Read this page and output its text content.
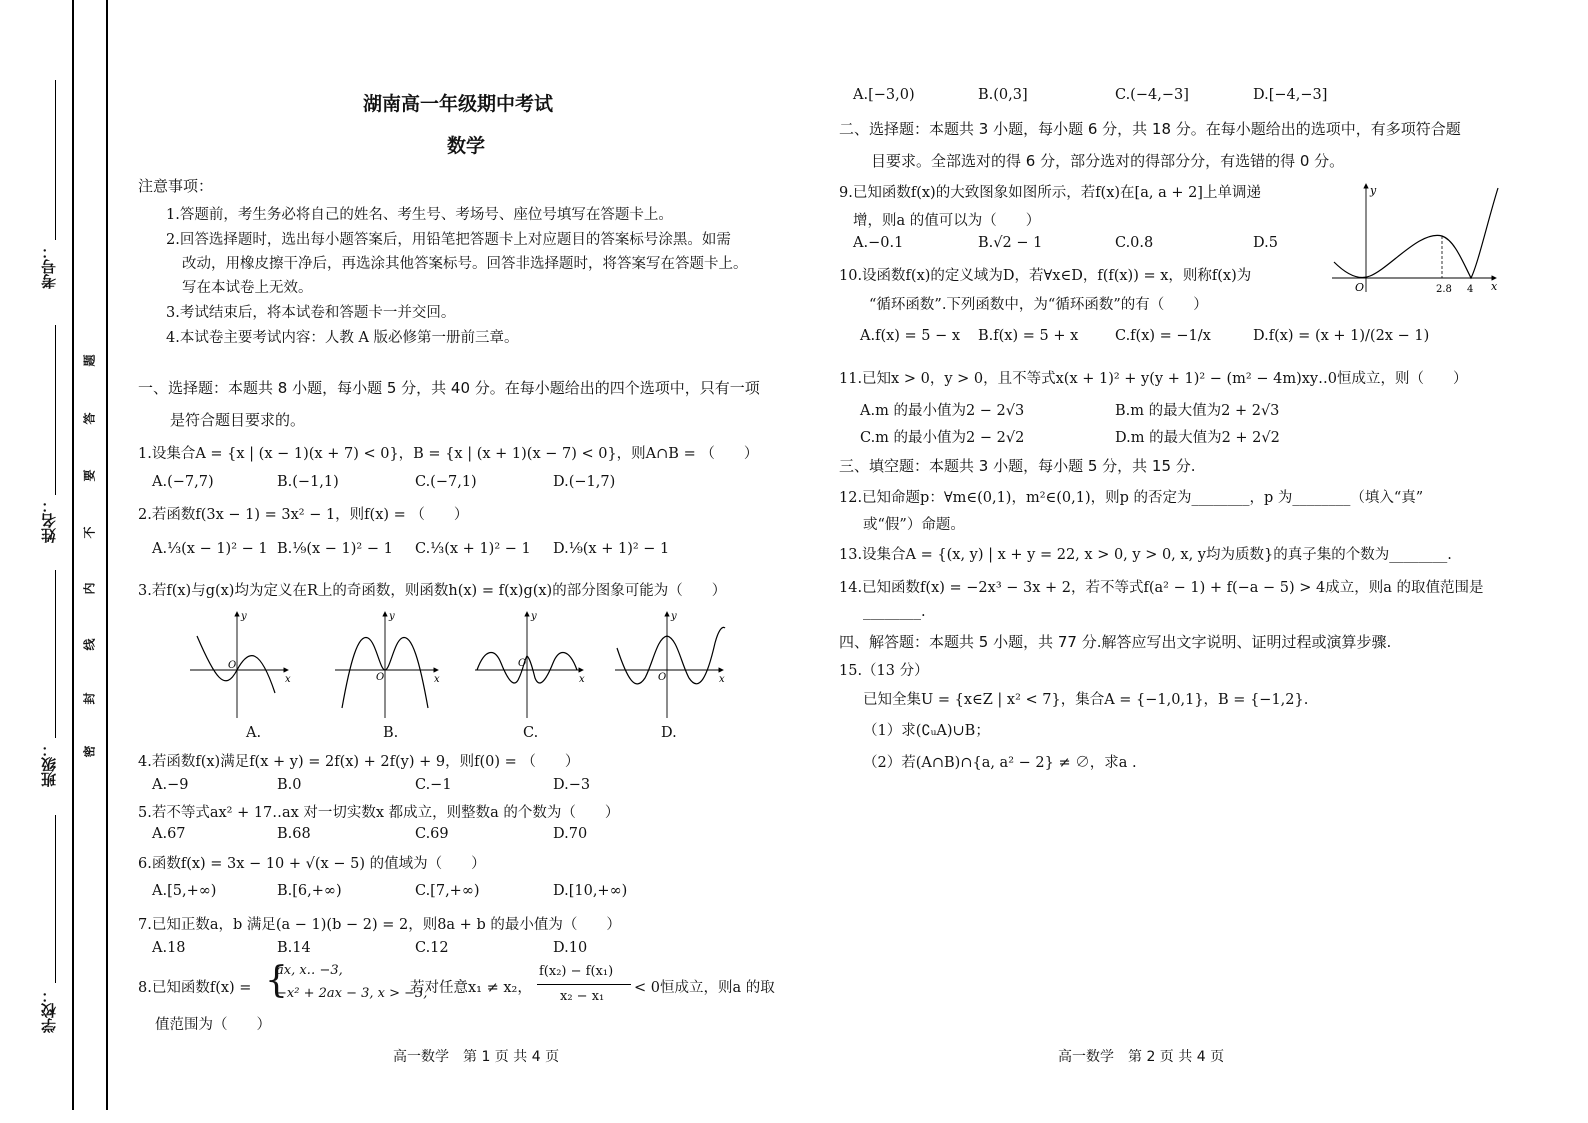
考号：
姓名：
班级：
学校：
题
答
要
不
内
线
封
密
湖南高一年级期中考试
数学
注意事项：
1.答题前，考生务必将自己的姓名、考生号、考场号、座位号填写在答题卡上。
2.回答选择题时，选出每小题答案后，用铅笔把答题卡上对应题目的答案标号涂黑。如需
改动，用橡皮擦干净后，再选涂其他答案标号。回答非选择题时，将答案写在答题卡上。
写在本试卷上无效。
3.考试结束后，将本试卷和答题卡一并交回。
4.本试卷主要考试内容：人教 A 版必修第一册前三章。
一、选择题：本题共 8 小题，每小题 5 分，共 40 分。在每小题给出的四个选项中，只有一项
是符合题目要求的。
1.设集合A = {x | (x − 1)(x + 7) < 0}，B = {x | (x + 1)(x − 7) < 0}，则A∩B = （　　）
A.(−7,7)	B.(−1,1)	C.(−7,1)	D.(−1,7)
2.若函数f(3x − 1) = 3x² − 1，则f(x) = （　　）
A.⅓(x − 1)² − 1 B.⅑(x − 1)² − 1 C.⅓(x + 1)² − 1 D.⅑(x + 1)² − 1
3.若f(x)与g(x)均为定义在R上的奇函数，则函数h(x) = f(x)g(x)的部分图象可能为（　　）
y
x
O
y
x
O
y
x
O
y
x
O
A.	B.	C.	D.
4.若函数f(x)满足f(x + y) = 2f(x) + 2f(y) + 9，则f(0) = （　　）
A.−9	B.0	C.−1	D.−3
5.若不等式ax² + 17‥ax 对一切实数x 都成立，则整数a 的个数为（　　）
A.67	B.68	C.69	D.70
6.函数f(x) = 3x − 10 + √(x − 5) 的值域为（　　）
A.[5,+∞)	B.[6,+∞)	C.[7,+∞)	D.[10,+∞)
7.已知正数a，b 满足(a − 1)(b − 2) = 2，则8a + b 的最小值为（　　）
A.18	B.14	C.12	D.10
8.已知函数f(x) = {
ax, x‥ −3,
−x² + 2ax − 3, x > −3,
若对任意x₁ ≠ x₂，
f(x₂) − f(x₁)
x₂ − x₁
< 0恒成立，则a 的取
值范围为（　　）
高一数学　第 1 页 共 4 页
A.[−3,0)	B.(0,3]	C.(−4,−3]	D.[−4,−3]
二、选择题：本题共 3 小题，每小题 6 分，共 18 分。在每小题给出的选项中，有多项符合题
目要求。全部选对的得 6 分，部分选对的得部分分，有选错的得 0 分。
9.已知函数f(x)的大致图象如图所示，若f(x)在[a, a + 2]上单调递
增，则a 的值可以为（　　）
A.−0.1	B.√2 − 1	C.0.8	D.5
y
x
O	2.8 4
10.设函数f(x)的定义域为D，若∀x∈D，f(f(x)) = x，则称f(x)为
“循环函数”.下列函数中，为“循环函数”的有（　　）
A.f(x) = 5 − x B.f(x) = 5 + x	C.f(x) = −1/x	D.f(x) = (x + 1)/(2x − 1)
11.已知x > 0，y > 0，且不等式x(x + 1)² + y(y + 1)² − (m² − 4m)xy‥0恒成立，则（　　）
A.m 的最小值为2 − 2√3	B.m 的最大值为2 + 2√3
C.m 的最小值为2 − 2√2	D.m 的最大值为2 + 2√2
三、填空题：本题共 3 小题，每小题 5 分，共 15 分.
12.已知命题p：∀m∈(0,1)，m²∈(0,1)，则p 的否定为________，p 为________（填入“真”
或“假”）命题。
13.设集合A = {(x, y) | x + y = 22, x > 0, y > 0, x, y均为质数}的真子集的个数为________.
14.已知函数f(x) = −2x³ − 3x + 2，若不等式f(a² − 1) + f(−a − 5) > 4成立，则a 的取值范围是
________.
四、解答题：本题共 5 小题，共 77 分.解答应写出文字说明、证明过程或演算步骤.
15.（13 分）
已知全集U = {x∈Z | x² < 7}，集合A = {−1,0,1}，B = {−1,2}.
（1）求(∁ᵤA)∪B；
（2）若(A∩B)∩{a, a² − 2} ≠ ∅，求a .
高一数学　第 2 页 共 4 页
